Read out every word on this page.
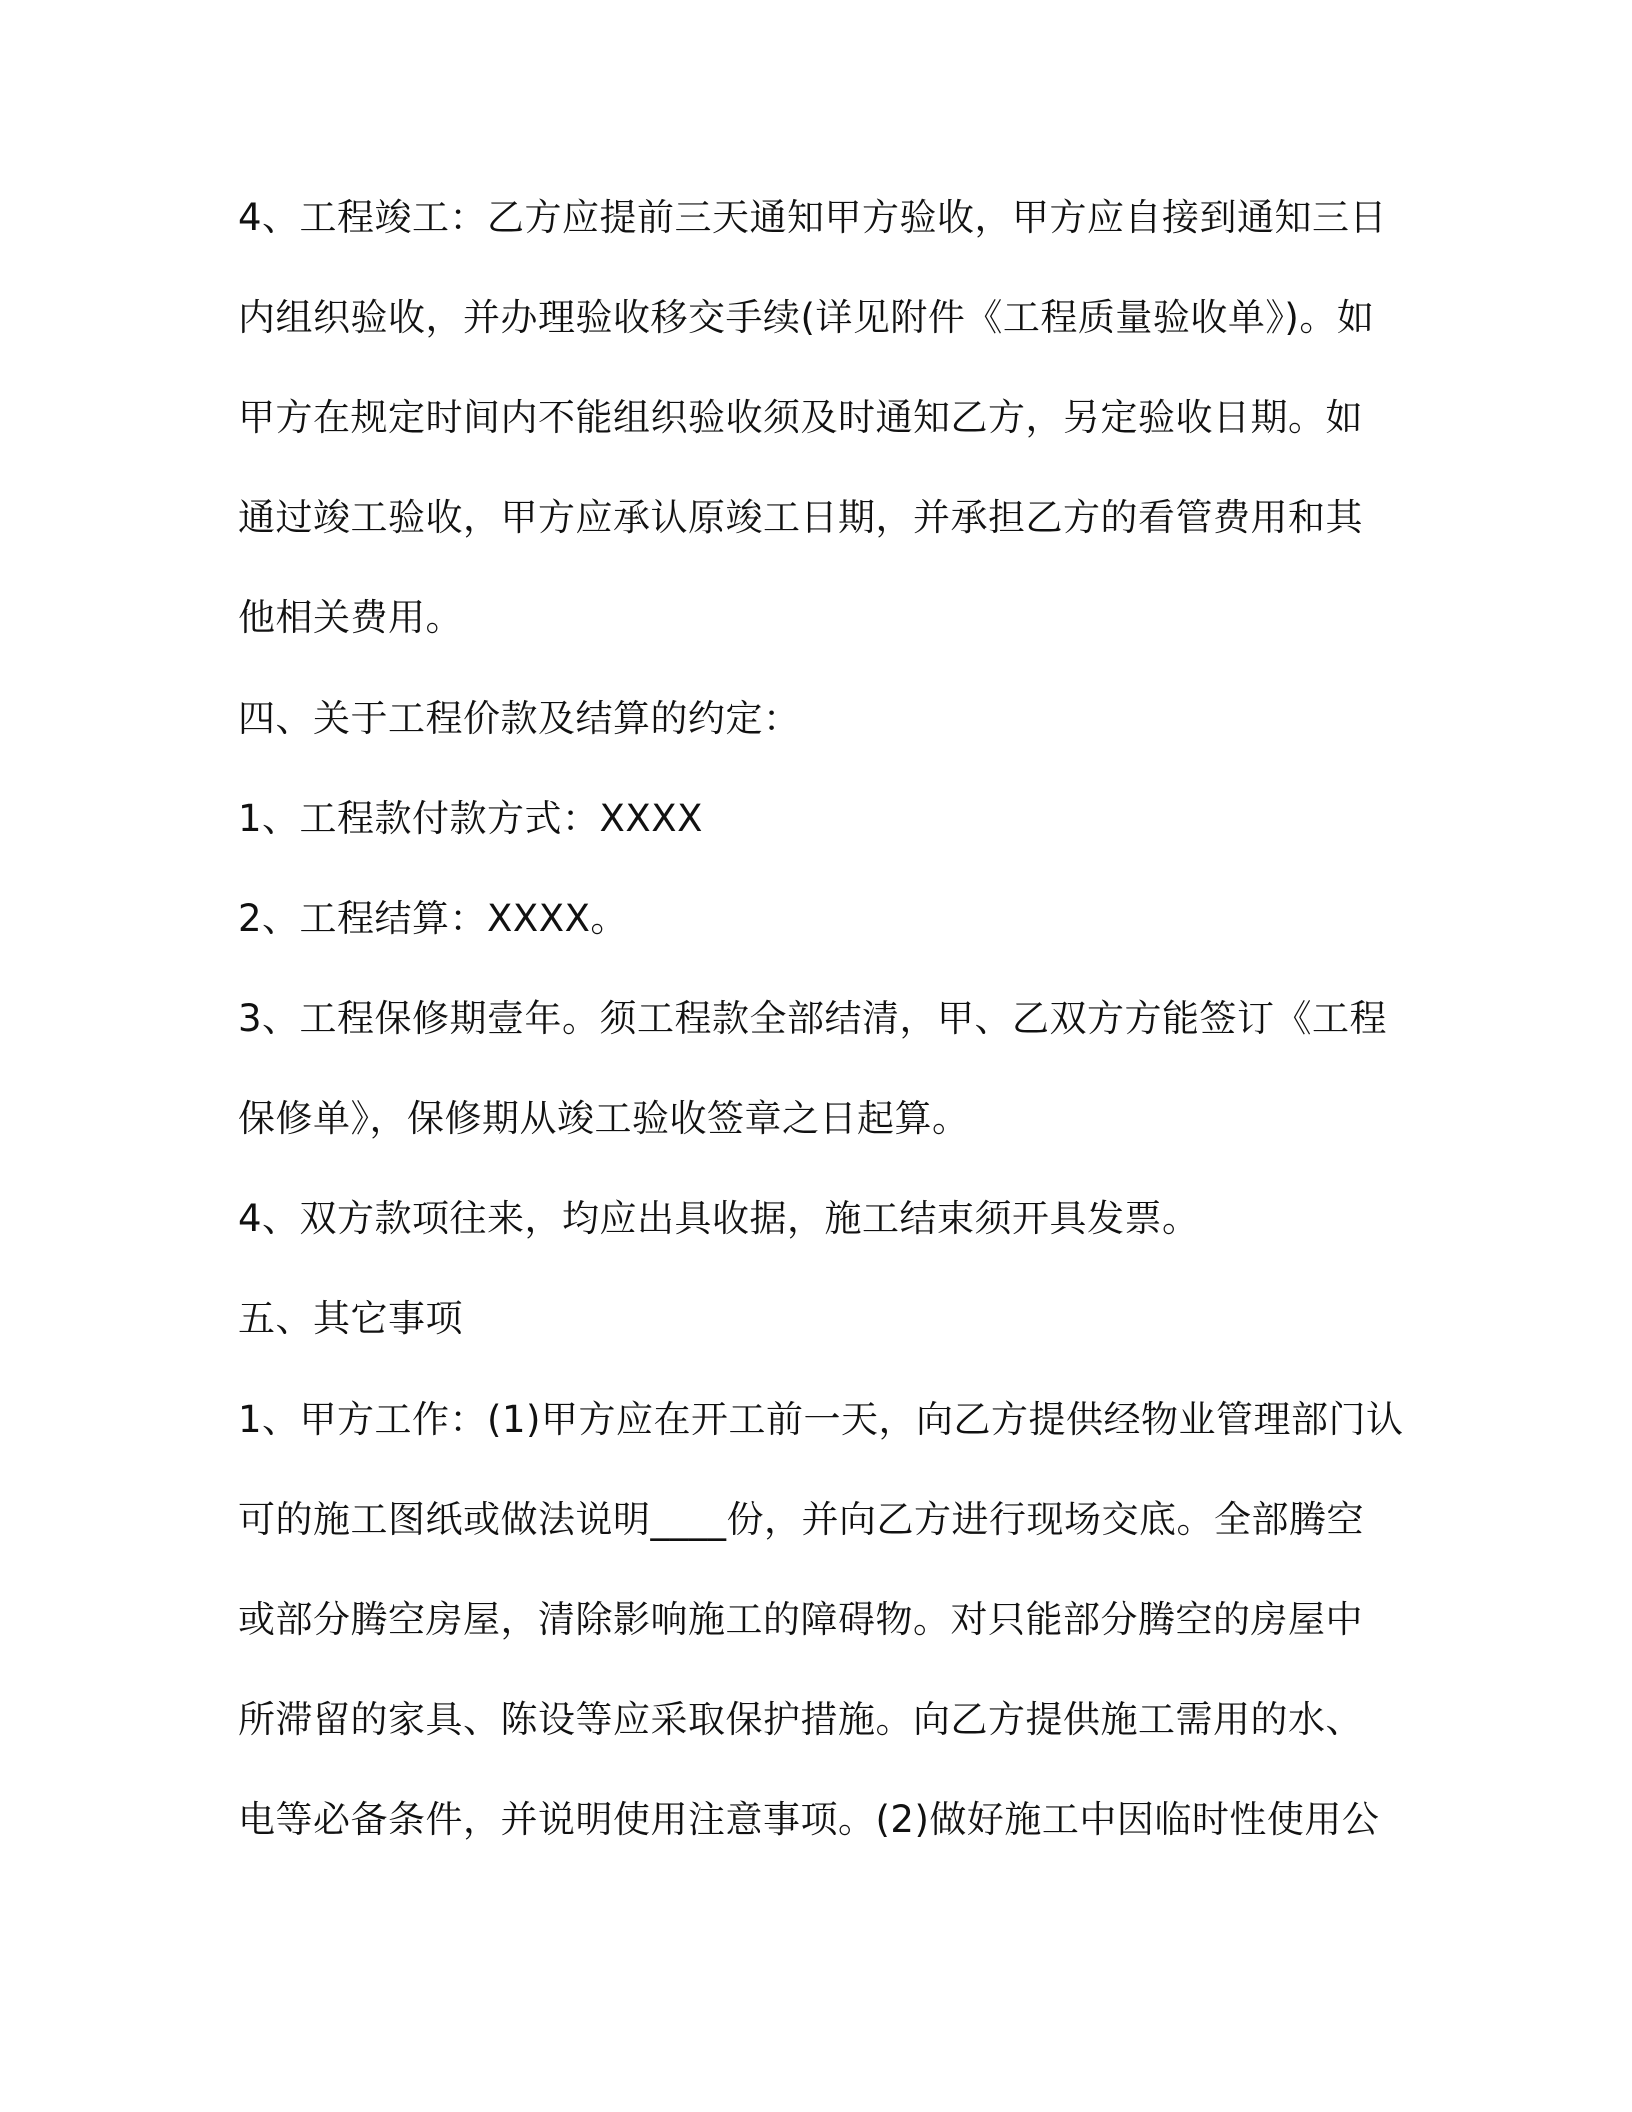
4、工程竣工：乙方应提前三天通知甲方验收，甲方应自接到通知三日
内组织验收，并办理验收移交手续(详见附件《工程质量验收单》)。如
甲方在规定时间内不能组织验收须及时通知乙方，另定验收日期。如
通过竣工验收，甲方应承认原竣工日期，并承担乙方的看管费用和其
他相关费用。
四、关于工程价款及结算的约定：
1、工程款付款方式：XXXX
2、工程结算：XXXX。
3、工程保修期壹年。须工程款全部结清，甲、乙双方方能签订《工程
保修单》，保修期从竣工验收签章之日起算。
4、双方款项往来，均应出具收据，施工结束须开具发票。
五、其它事项
1、甲方工作：(1)甲方应在开工前一天，向乙方提供经物业管理部门认
可的施工图纸或做法说明____份，并向乙方进行现场交底。全部腾空
或部分腾空房屋，清除影响施工的障碍物。对只能部分腾空的房屋中
所滞留的家具、陈设等应采取保护措施。向乙方提供施工需用的水、
电等必备条件，并说明使用注意事项。(2)做好施工中因临时性使用公
